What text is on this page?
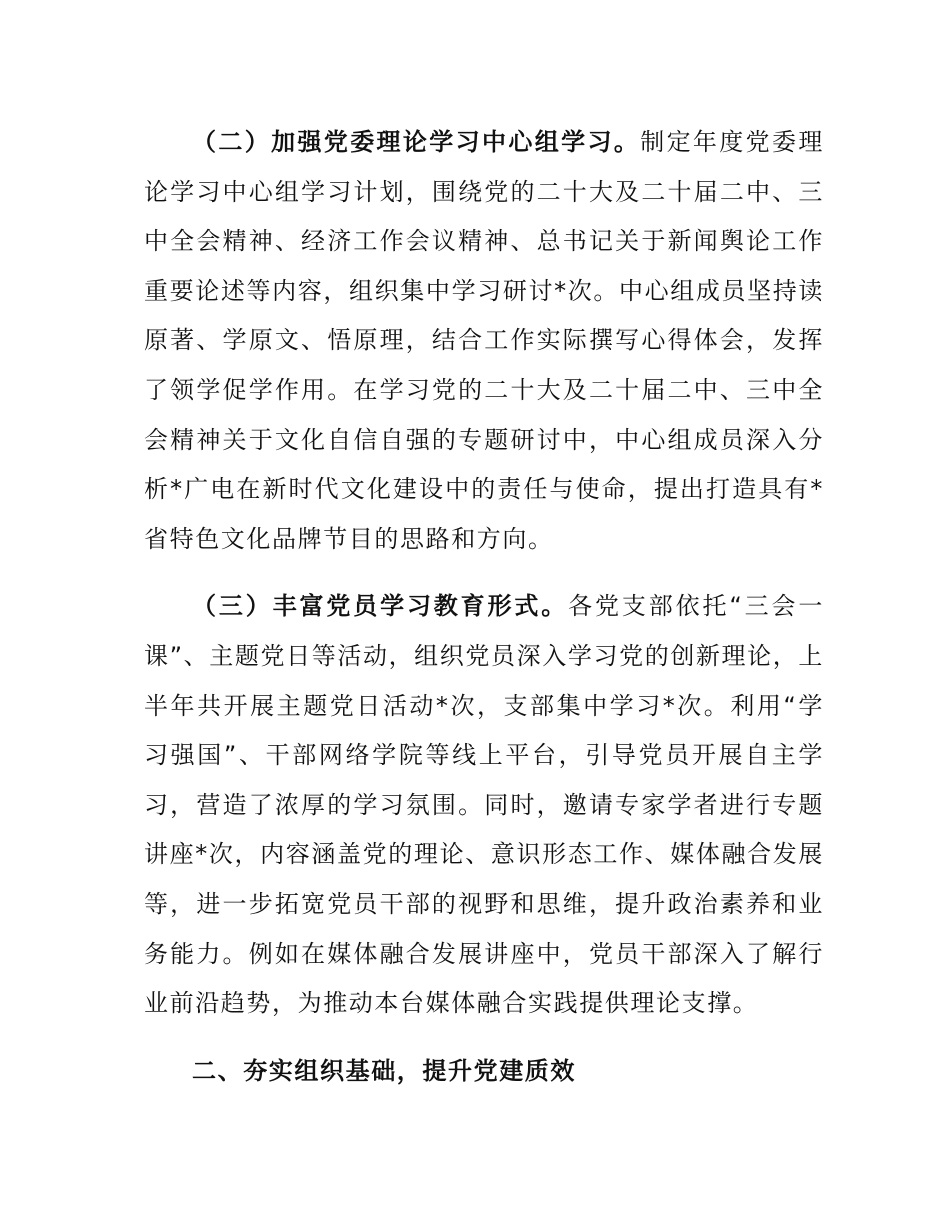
（二）加强党委理论学习中心组学习。制定年度党委理论学习中心组学习计划，围绕党的二十大及二十届二中、三中全会精神、经济工作会议精神、总书记关于新闻舆论工作重要论述等内容，组织集中学习研讨*次。中心组成员坚持读原著、学原文、悟原理，结合工作实际撰写心得体会，发挥了领学促学作用。在学习党的二十大及二十届二中、三中全会精神关于文化自信自强的专题研讨中，中心组成员深入分析*广电在新时代文化建设中的责任与使命，提出打造具有*省特色文化品牌节目的思路和方向。

（三）丰富党员学习教育形式。各党支部依托“三会一课”、主题党日等活动，组织党员深入学习党的创新理论，上半年共开展主题党日活动*次，支部集中学习*次。利用“学习强国”、干部网络学院等线上平台，引导党员开展自主学习，营造了浓厚的学习氛围。同时，邀请专家学者进行专题讲座*次，内容涵盖党的理论、意识形态工作、媒体融合发展等，进一步拓宽党员干部的视野和思维，提升政治素养和业务能力。例如在媒体融合发展讲座中，党员干部深入了解行业前沿趋势，为推动本台媒体融合实践提供理论支撑。

二、夯实组织基础，提升党建质效
